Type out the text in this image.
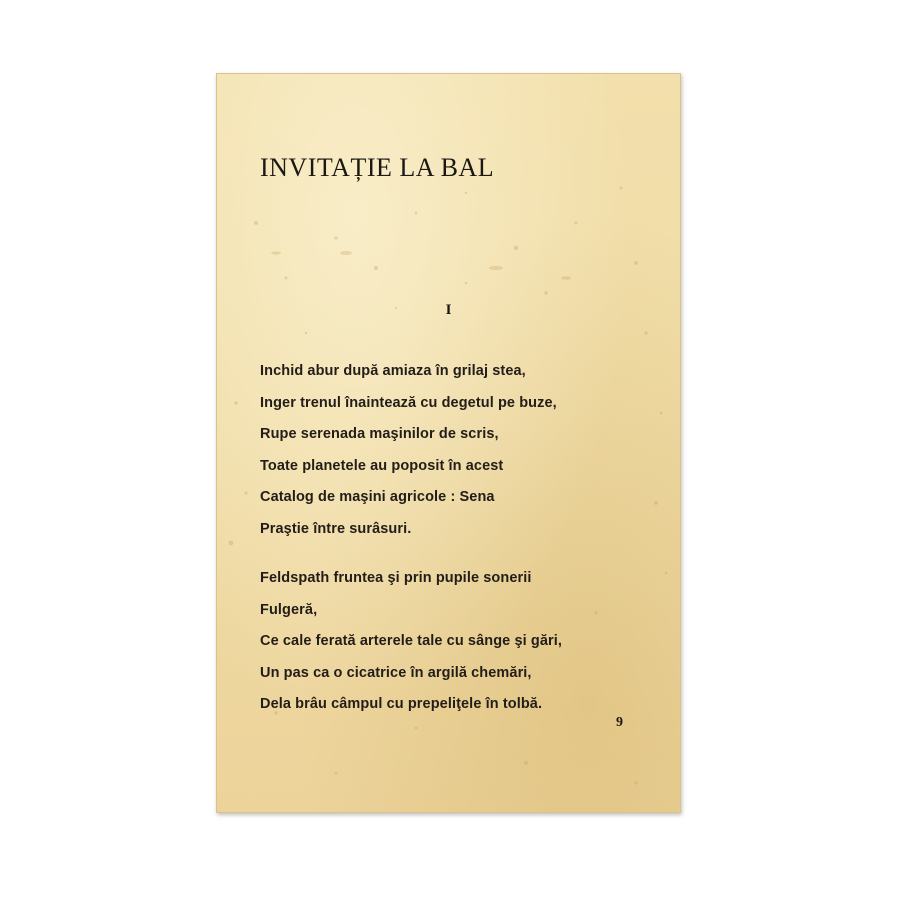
INVITAȚIE LA BAL
I
Inchid abur după amiaza în grilaj stea,
Inger trenul înaintează cu degetul pe buze,
Rupe serenada maşinilor de scris,
Toate planetele au poposit în acest
Catalog de maşini agricole : Sena
Praştie între surâsuri.
Feldspath fruntea şi prin pupile sonerii
Fulgeră,
Ce cale ferată arterele tale cu sânge şi gări,
Un pas ca o cicatrice în argilă chemări,
Dela brâu câmpul cu prepeliţele în tolbă.
9
